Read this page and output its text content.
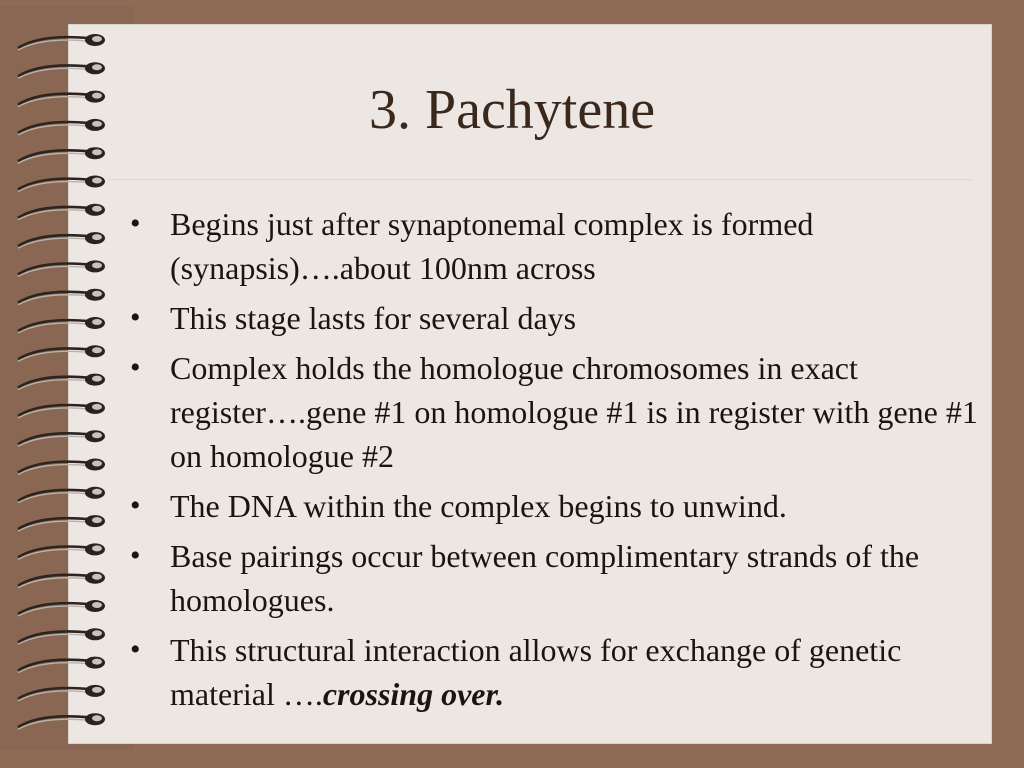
3. Pachytene
• Begins just after synaptonemal complex is formed (synapsis)….about 100nm across
• This stage lasts for several days
• Complex holds the homologue chromosomes in exact register….gene #1 on homologue #1 is in register with gene #1 on homologue #2
• The DNA within the complex begins to unwind.
• Base pairings occur between complimentary strands of the homologues.
• This structural interaction allows for exchange of genetic material ….crossing over.
